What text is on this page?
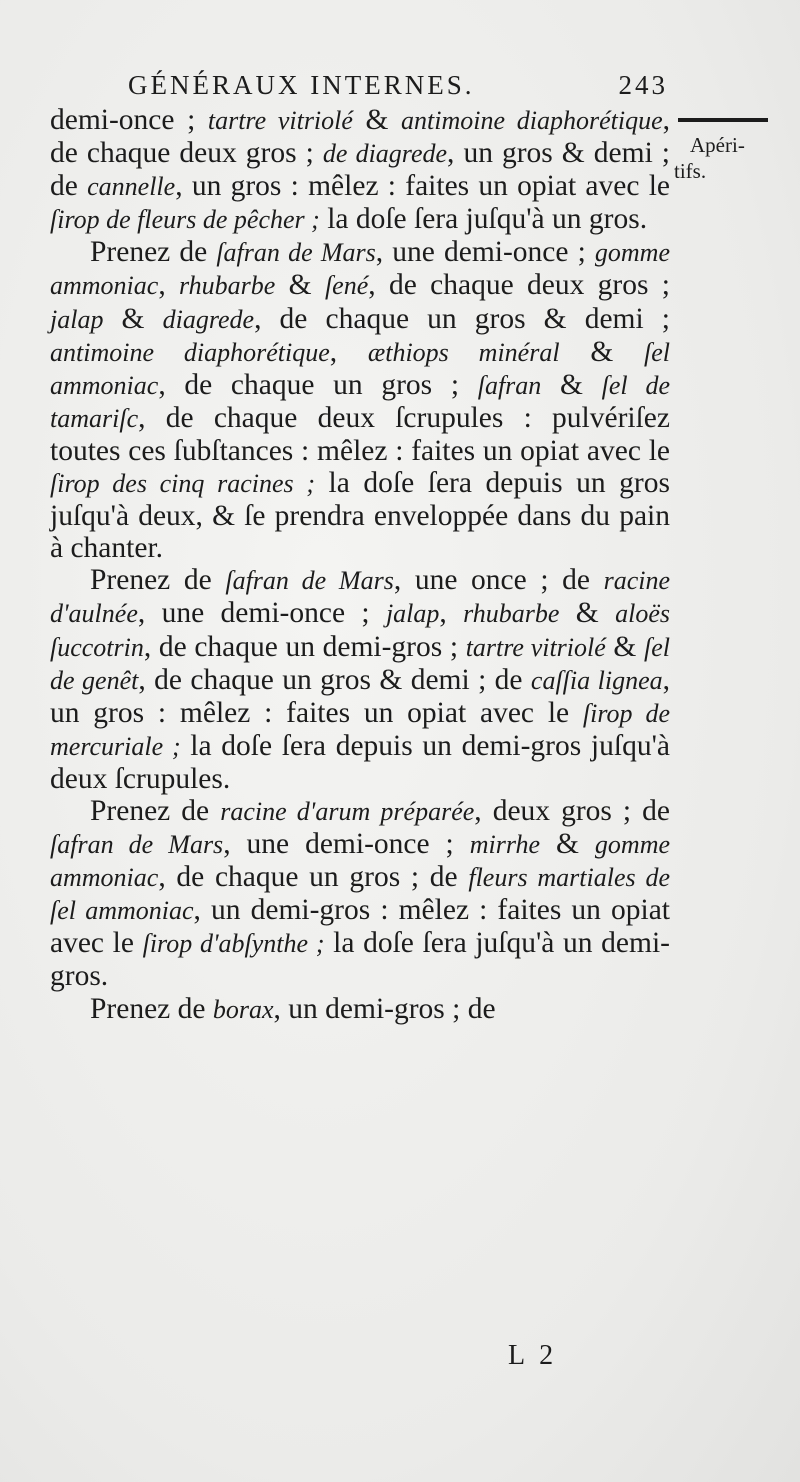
GÉNÉRAUX INTERNES.	243
Apéri-
tifs.

demi-once ; tartre vitriolé & antimoine diaphorétique, de chaque deux gros ; de diagrede, un gros & demi ; de cannelle, un gros : mêlez : faites un opiat avec le ſirop de fleurs de pêcher ; la doſe ſera juſqu'à un gros.

Prenez de ſafran de Mars, une demi-once ; gomme ammoniac, rhubarbe & ſené, de chaque deux gros ; jalap & diagrede, de chaque un gros & demi ; antimoine diaphorétique, æthiops minéral & ſel ammoniac, de chaque un gros ; ſafran & ſel de tamariſc, de chaque deux ſcrupules : pulvériſez toutes ces ſubſtances : mêlez : faites un opiat avec le ſirop des cinq racines ; la doſe ſera depuis un gros juſqu'à deux, & ſe prendra enveloppée dans du pain à chanter.

Prenez de ſafran de Mars, une once ; de racine d'aulnée, une demi-once ; jalap, rhubarbe & aloës ſuccotrin, de chaque un demi-gros ; tartre vitriolé & ſel de genêt, de chaque un gros & demi ; de caſſia lignea, un gros : mêlez : faites un opiat avec le ſirop de mercuriale ; la doſe ſera depuis un demi-gros juſqu'à deux ſcrupules.

Prenez de racine d'arum préparée, deux gros ; de ſafran de Mars, une demi-once ; mirrhe & gomme ammoniac, de chaque un gros ; de fleurs martiales de ſel ammoniac, un demi-gros : mêlez : faites un opiat avec le ſirop d'abſynthe ; la doſe ſera juſqu'à un demi-gros.

Prenez de borax, un demi-gros ; de

L 2
